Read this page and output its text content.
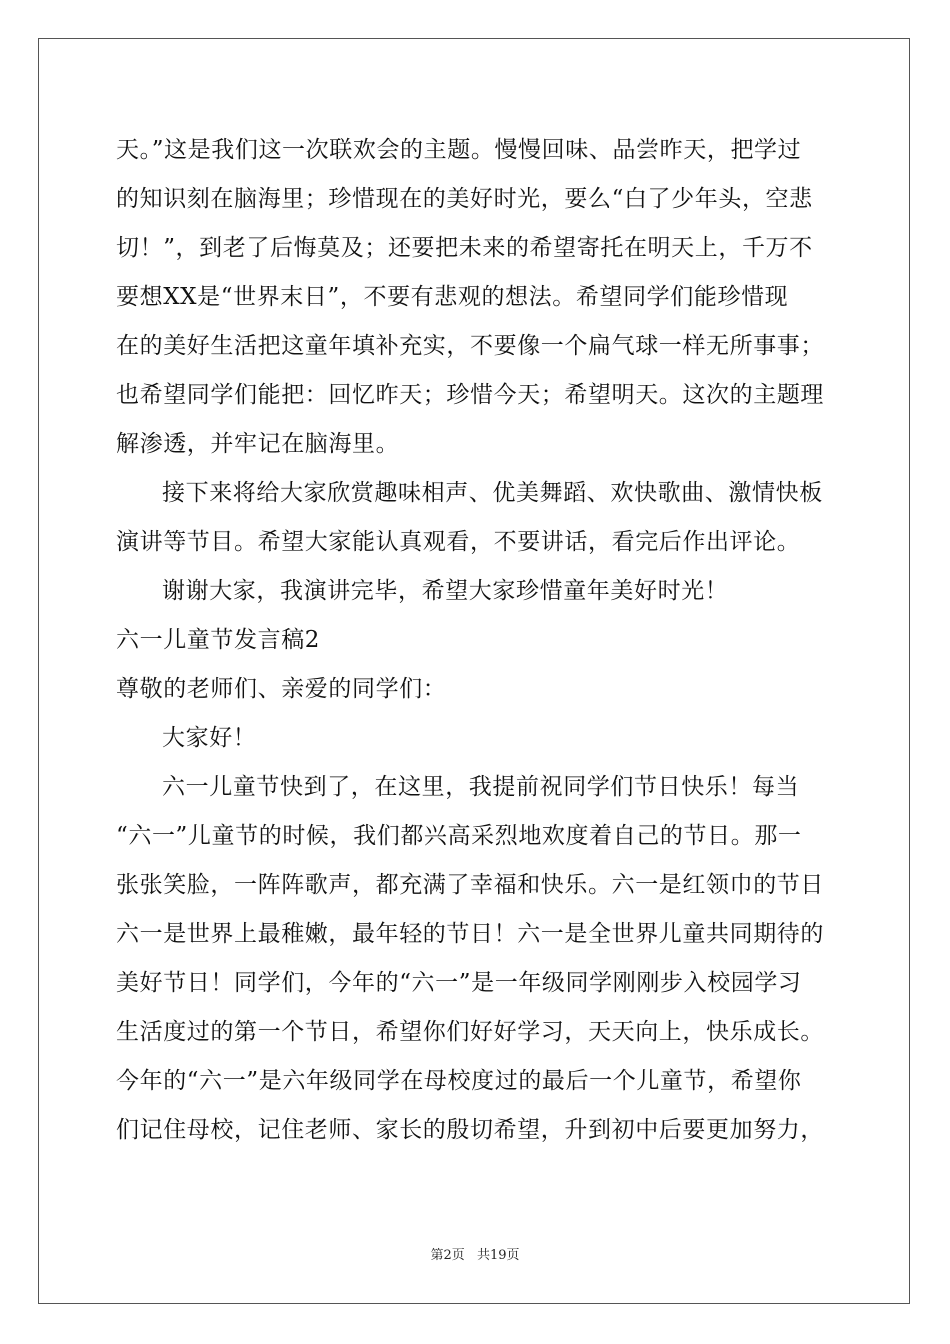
天。”这是我们这一次联欢会的主题。慢慢回味、品尝昨天，把学过
的知识刻在脑海里；珍惜现在的美好时光，要么“白了少年头，空悲
切！”，到老了后悔莫及；还要把未来的希望寄托在明天上，千万不
要想XX是“世界末日”，不要有悲观的想法。希望同学们能珍惜现
在的美好生活把这童年填补充实，不要像一个扁气球一样无所事事；
也希望同学们能把：回忆昨天；珍惜今天；希望明天。这次的主题理
解渗透，并牢记在脑海里。
接下来将给大家欣赏趣味相声、优美舞蹈、欢快歌曲、激情快板
演讲等节目。希望大家能认真观看，不要讲话，看完后作出评论。
谢谢大家，我演讲完毕，希望大家珍惜童年美好时光！
六一儿童节发言稿2
尊敬的老师们、亲爱的同学们：
大家好！
六一儿童节快到了，在这里，我提前祝同学们节日快乐！每当
“六一”儿童节的时候，我们都兴高采烈地欢度着自己的节日。那一
张张笑脸，一阵阵歌声，都充满了幸福和快乐。六一是红领巾的节日
六一是世界上最稚嫩，最年轻的节日！六一是全世界儿童共同期待的
美好节日！同学们，今年的“六一”是一年级同学刚刚步入校园学习
生活度过的第一个节日，希望你们好好学习，天天向上，快乐成长。
今年的“六一”是六年级同学在母校度过的最后一个儿童节，希望你
们记住母校，记住老师、家长的殷切希望，升到初中后要更加努力，
第2页 共19页
